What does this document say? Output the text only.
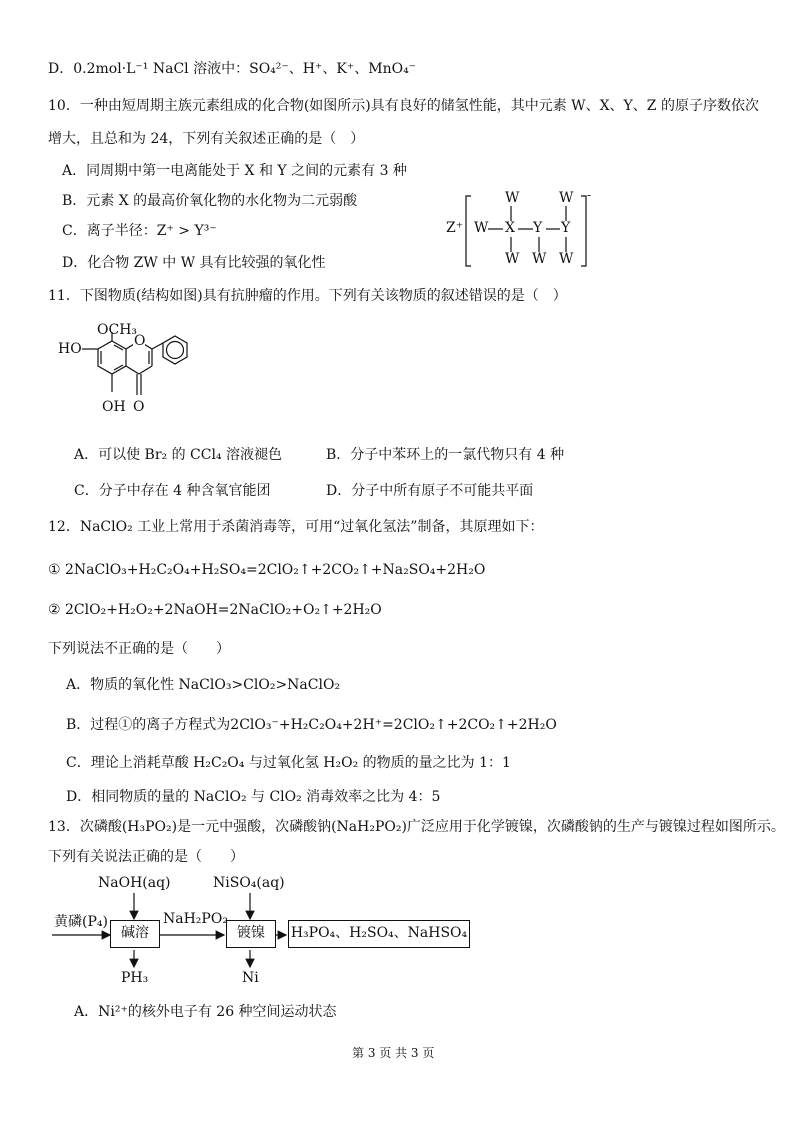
D．0.2mol·L⁻¹ NaCl 溶液中：SO₄²⁻、H⁺、K⁺、MnO₄⁻
10．一种由短周期主族元素组成的化合物(如图所示)具有良好的储氢性能，其中元素 W、X、Y、Z 的原子序数依次
增大，且总和为 24，下列有关叙述正确的是（　）
A．同周期中第一电离能处于 X 和 Y 之间的元素有 3 种
B．元素 X 的最高价氧化物的水化物为二元弱酸
C．离子半径：Z⁺ > Y³⁻
D．化合物 ZW 中 W 具有比较强的氧化性
Z⁺ W X Y Y
W	W
W W W
-
11．下图物质(结构如图)具有抗肿瘤的作用。下列有关该物质的叙述错误的是（　）
OCH₃
HO	O
OH O
A．可以使 Br₂ 的 CCl₄ 溶液褪色	B．分子中苯环上的一氯代物只有 4 种
C．分子中存在 4 种含氧官能团	D．分子中所有原子不可能共平面
12．NaClO₂ 工业上常用于杀菌消毒等，可用“过氧化氢法”制备，其原理如下：
① 2NaClO₃+H₂C₂O₄+H₂SO₄=2ClO₂↑+2CO₂↑+Na₂SO₄+2H₂O
② 2ClO₂+H₂O₂+2NaOH=2NaClO₂+O₂↑+2H₂O
下列说法不正确的是（　　）
A．物质的氧化性 NaClO₃>ClO₂>NaClO₂
B．过程①的离子方程式为2ClO₃⁻+H₂C₂O₄+2H⁺=2ClO₂↑+2CO₂↑+2H₂O
C．理论上消耗草酸 H₂C₂O₄ 与过氧化氢 H₂O₂ 的物质的量之比为 1：1
D．相同物质的量的 NaClO₂ 与 ClO₂ 消毒效率之比为 4：5
13．次磷酸(H₃PO₂)是一元中强酸，次磷酸钠(NaH₂PO₂)广泛应用于化学镀镍，次磷酸钠的生产与镀镍过程如图所示。
下列有关说法正确的是（　　）
黄磷(P₄)
NaOH(aq)	NiSO₄(aq)
碱溶
NaH₂PO₂
镀镍	H₃PO₄、H₂SO₄、NaHSO₄
PH₃	Ni
A．Ni²⁺的核外电子有 26 种空间运动状态
第 3 页 共 3 页
